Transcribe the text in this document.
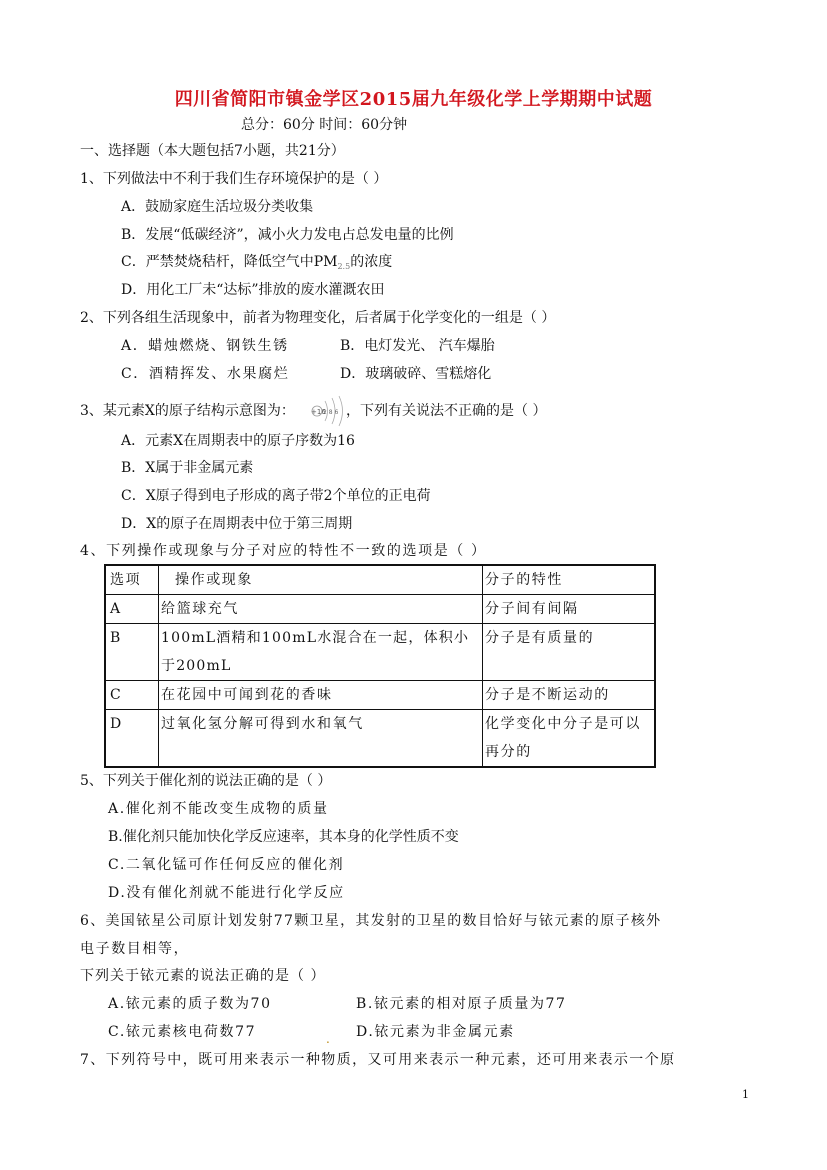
四川省简阳市镇金学区2015届九年级化学上学期期中试题
总分：60分 时间：60分钟
一、选择题（本大题包括7小题，共21分）
1、下列做法中不利于我们生存环境保护的是（ ）
A．鼓励家庭生活垃圾分类收集
B．发展“低碳经济”，减小火力发电占总发电量的比例
C．严禁焚烧秸杆，降低空气中$PM_{2.5}$的浓度
D．用化工厂未“达标”排放的废水灌溉农田
2、下列各组生活现象中，前者为物理变化，后者属于化学变化的一组是（ ）
A．蜡烛燃烧、钢铁生锈	B．电灯发光、 汽车爆胎
C．酒精挥发、水果腐烂	D．玻璃破碎、雪糕熔化
3、某元素X的原子结构示意图为： +16
2 8 6 ，下列有关说法不正确的是（ ）
A．元素X在周期表中的原子序数为16
B．X属于非金属元素
C．X原子得到电子形成的离子带2个单位的正电荷
D．X的原子在周期表中位于第三周期
4、下列操作或现象与分子对应的特性不一致的选项是（ ）
选项	操作或现象	分子的特性
A	给篮球充气	分子间有间隔
B	100mL酒精和100mL水混合在一起，体积小于200mL	分子是有质量的
C	在花园中可闻到花的香味	分子是不断运动的
D	过氧化氢分解可得到水和氧气	化学变化中分子是可以再分的
5、下列关于催化剂的说法正确的是（ ）
A.催化剂不能改变生成物的质量
B.催化剂只能加快化学反应速率，其本身的化学性质不变
C.二氧化锰可作任何反应的催化剂
D.没有催化剂就不能进行化学反应
6、美国铱星公司原计划发射77颗卫星，其发射的卫星的数目恰好与铱元素的原子核外
电子数目相等，
下列关于铱元素的说法正确的是（ ）
A.铱元素的质子数为70	B.铱元素的相对原子质量为77
C.铱元素核电荷数77	. D.铱元素为非金属元素
7、下列符号中，既可用来表示一种物质，又可用来表示一种元素，还可用来表示一个原
1
